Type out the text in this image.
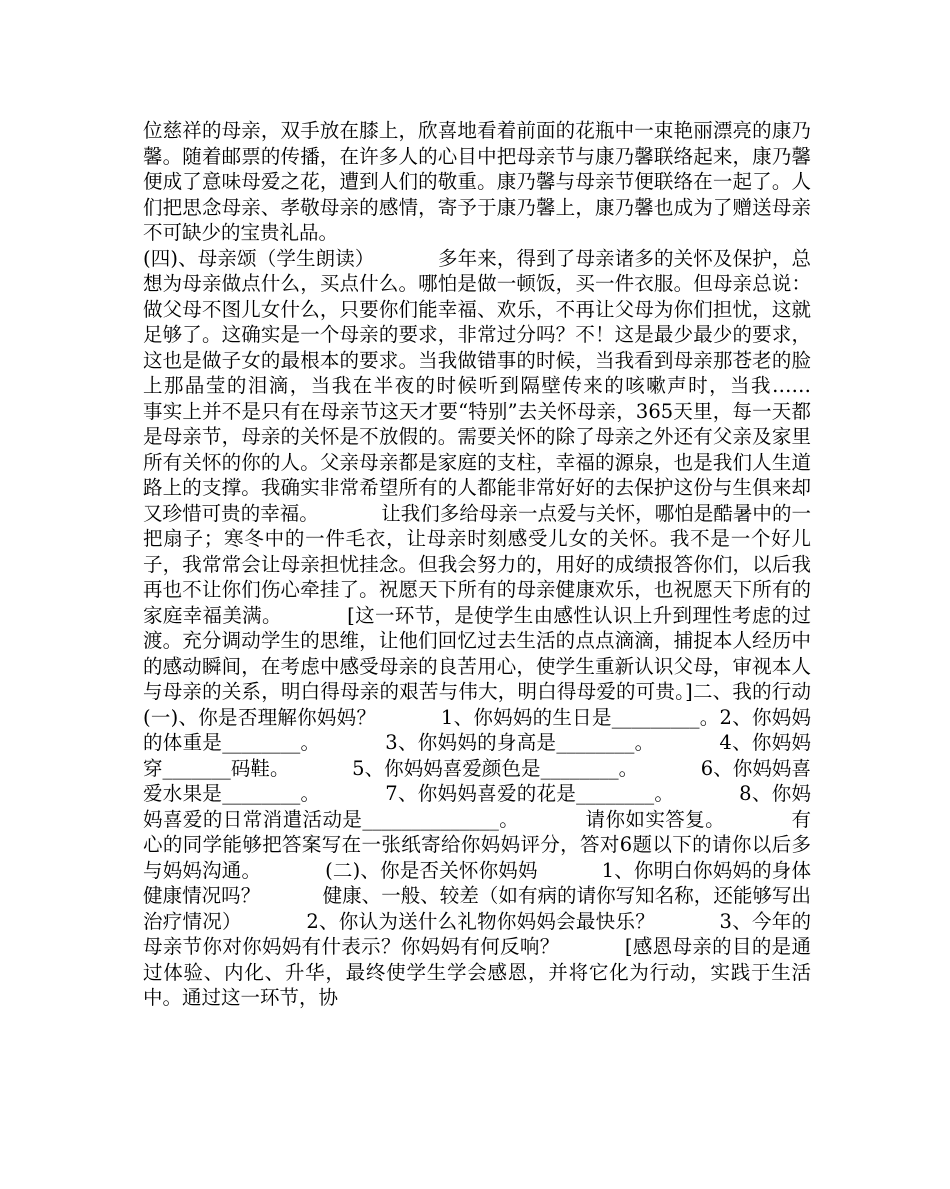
位慈祥的母亲，双手放在膝上，欣喜地看着前面的花瓶中一束艳丽漂亮的康乃馨。随着邮票的传播，在许多人的心目中把母亲节与康乃馨联络起来，康乃馨便成了意味母爱之花，遭到人们的敬重。康乃馨与母亲节便联络在一起了。人们把思念母亲、孝敬母亲的感情，寄予于康乃馨上，康乃馨也成为了赠送母亲不可缺少的宝贵礼品。

(四)、母亲颂（学生朗读）          多年来，得到了母亲诸多的关怀及保护，总想为母亲做点什么，买点什么。哪怕是做一顿饭，买一件衣服。但母亲总说：做父母不图儿女什么，只要你们能幸福、欢乐，不再让父母为你们担忧，这就足够了。这确实是一个母亲的要求，非常过分吗？不！这是最少最少的要求，这也是做子女的最根本的要求。当我做错事的时候，当我看到母亲那苍老的脸上那晶莹的泪滴，当我在半夜的时候听到隔壁传来的咳嗽声时，当我……          事实上并不是只有在母亲节这天才要“特别”去关怀母亲，365天里，每一天都是母亲节，母亲的关怀是不放假的。需要关怀的除了母亲之外还有父亲及家里所有关怀的你的人。父亲母亲都是家庭的支柱，幸福的源泉，也是我们人生道路上的支撑。我确实非常希望所有的人都能非常好好的去保护这份与生俱来却又珍惜可贵的幸福。          让我们多给母亲一点爱与关怀，哪怕是酷暑中的一把扇子；寒冬中的一件毛衣，让母亲时刻感受儿女的关怀。我不是一个好儿子，我常常会让母亲担忧挂念。但我会努力的，用好的成绩报答你们，以后我再也不让你们伤心牵挂了。祝愿天下所有的母亲健康欢乐，也祝愿天下所有的家庭幸福美满。          [这一环节，是使学生由感性认识上升到理性考虑的过渡。充分调动学生的思维，让他们回忆过去生活的点点滴滴，捕捉本人经历中的感动瞬间，在考虑中感受母亲的良苦用心，使学生重新认识父母，审视本人与母亲的关系，明白得母亲的艰苦与伟大，明白得母爱的可贵。]二、我的行动                    (一)、你是否理解你妈妈？          1、你妈妈的生日是_________。2、你妈妈的体重是________。          3、你妈妈的身高是________。          4、你妈妈穿_______码鞋。          5、你妈妈喜爱颜色是________。          6、你妈妈喜爱水果是________。          7、你妈妈喜爱的花是________。          8、你妈妈喜爱的日常消遣活动是______________。          请你如实答复。          有心的同学能够把答案写在一张纸寄给你妈妈评分，答对6题以下的请你以后多与妈妈沟通。          (二)、你是否关怀你妈妈          1、你明白你妈妈的身体健康情况吗？          健康、一般、较差（如有病的请你写知名称，还能够写出治疗情况）          2、你认为送什么礼物你妈妈会最快乐？          3、今年的母亲节你对你妈妈有什表示？你妈妈有何反响？          [感恩母亲的目的是通过体验、内化、升华，最终使学生学会感恩，并将它化为行动，实践于生活中。通过这一环节，协
